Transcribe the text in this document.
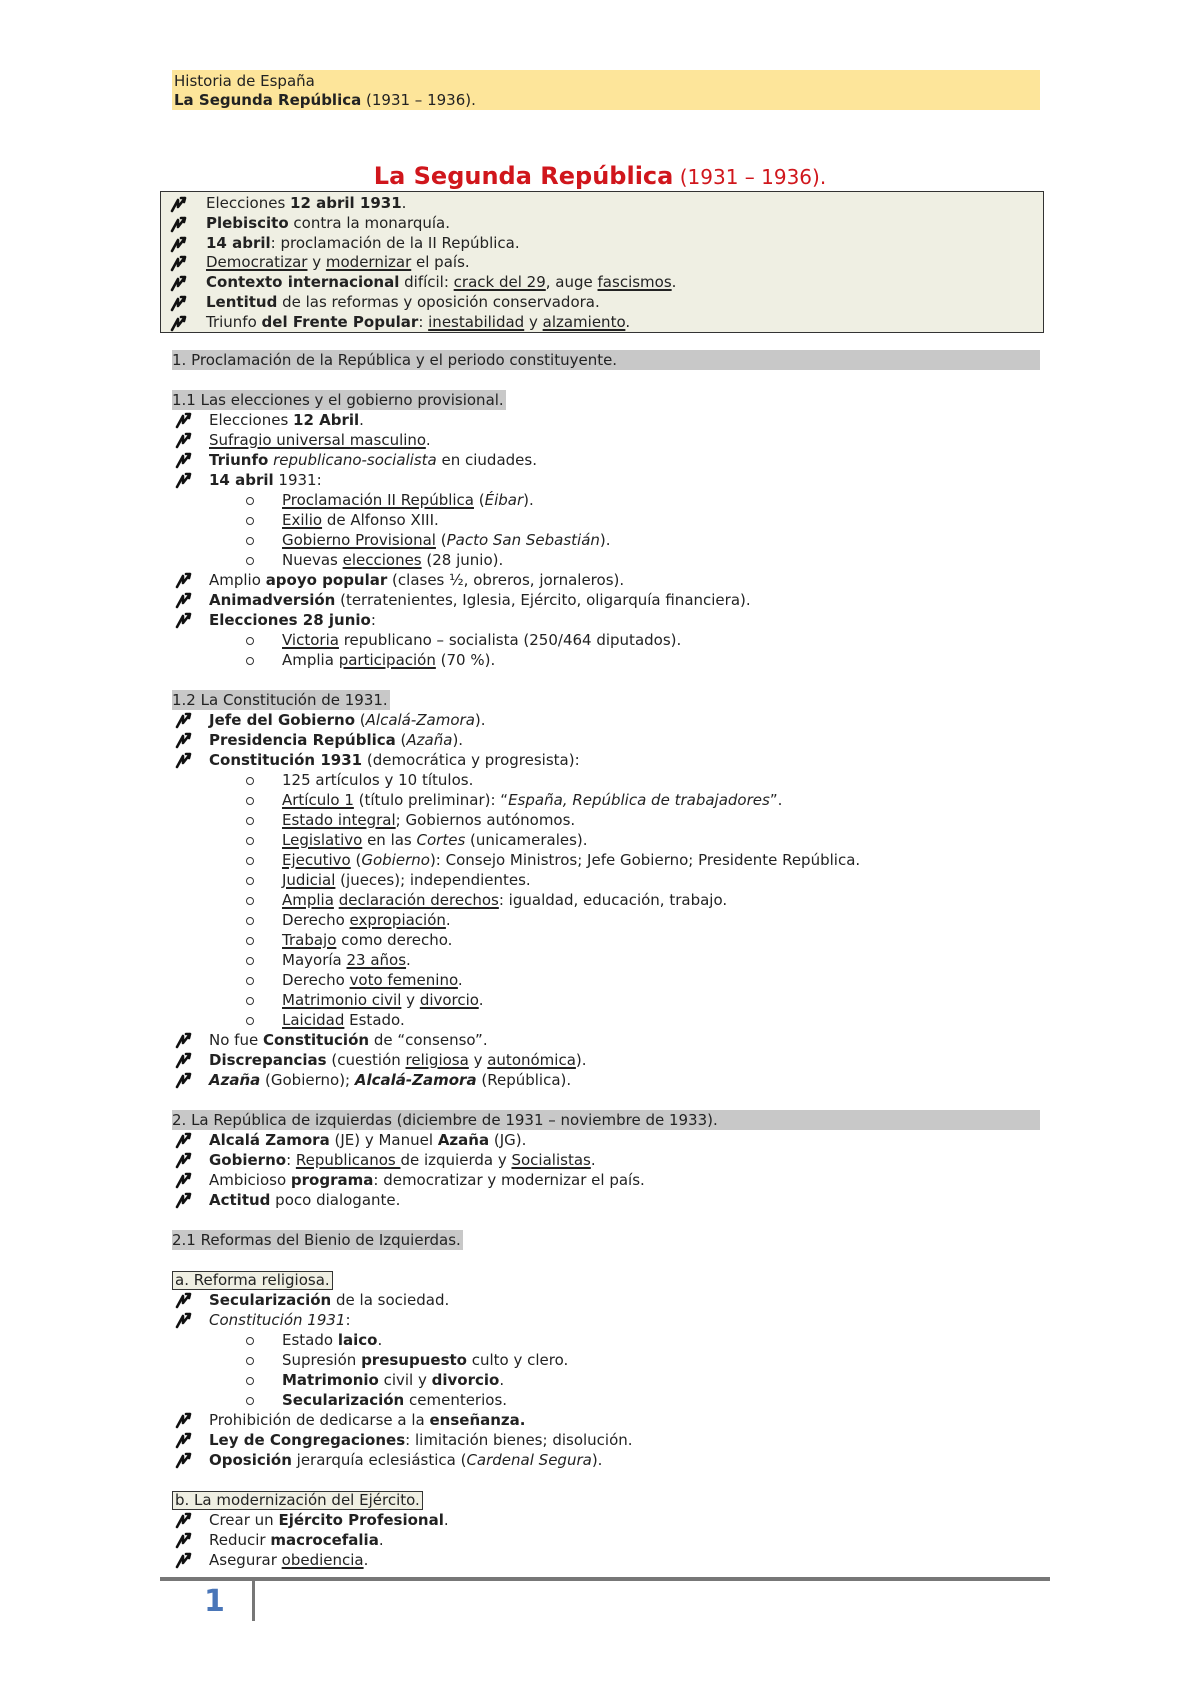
Historia de España
La Segunda República (1931 – 1936).
La Segunda República (1931 – 1936).
Elecciones 12 abril 1931.
Plebiscito contra la monarquía.
14 abril: proclamación de la II República.
Democratizar y modernizar el país.
Contexto internacional difícil: crack del 29, auge fascismos.
Lentitud de las reformas y oposición conservadora.
Triunfo del Frente Popular: inestabilidad y alzamiento.
1. Proclamación de la República y el periodo constituyente.
1.1 Las elecciones y el gobierno provisional.
Elecciones 12 Abril.
Sufragio universal masculino.
Triunfo republicano-socialista en ciudades.
14 abril 1931:
Proclamación II República (Éibar).
Exilio de Alfonso XIII.
Gobierno Provisional (Pacto San Sebastián).
Nuevas elecciones (28 junio).
Amplio apoyo popular (clases ½, obreros, jornaleros).
Animadversión (terratenientes, Iglesia, Ejército, oligarquía financiera).
Elecciones 28 junio:
Victoria republicano – socialista (250/464 diputados).
Amplia participación (70 %).
1.2 La Constitución de 1931.
Jefe del Gobierno (Alcalá-Zamora).
Presidencia República (Azaña).
Constitución 1931 (democrática y progresista):
125 artículos y 10 títulos.
Artículo 1 (título preliminar): “España, República de trabajadores”.
Estado integral; Gobiernos autónomos.
Legislativo en las Cortes (unicamerales).
Ejecutivo (Gobierno): Consejo Ministros; Jefe Gobierno; Presidente República.
Judicial (jueces); independientes.
Amplia declaración derechos: igualdad, educación, trabajo.
Derecho expropiación.
Trabajo como derecho.
Mayoría 23 años.
Derecho voto femenino.
Matrimonio civil y divorcio.
Laicidad Estado.
No fue Constitución de “consenso”.
Discrepancias (cuestión religiosa y autonómica).
Azaña (Gobierno); Alcalá-Zamora (República).
2. La República de izquierdas (diciembre de 1931 – noviembre de 1933).
Alcalá Zamora (JE) y Manuel Azaña (JG).
Gobierno: Republicanos de izquierda y Socialistas.
Ambicioso programa: democratizar y modernizar el país.
Actitud poco dialogante.
2.1 Reformas del Bienio de Izquierdas.
a. Reforma religiosa.
Secularización de la sociedad.
Constitución 1931:
Estado laico.
Supresión presupuesto culto y clero.
Matrimonio civil y divorcio.
Secularización cementerios.
Prohibición de dedicarse a la enseñanza.
Ley de Congregaciones: limitación bienes; disolución.
Oposición jerarquía eclesiástica (Cardenal Segura).
b. La modernización del Ejército.
Crear un Ejército Profesional.
Reducir macrocefalia.
Asegurar obediencia.
1
